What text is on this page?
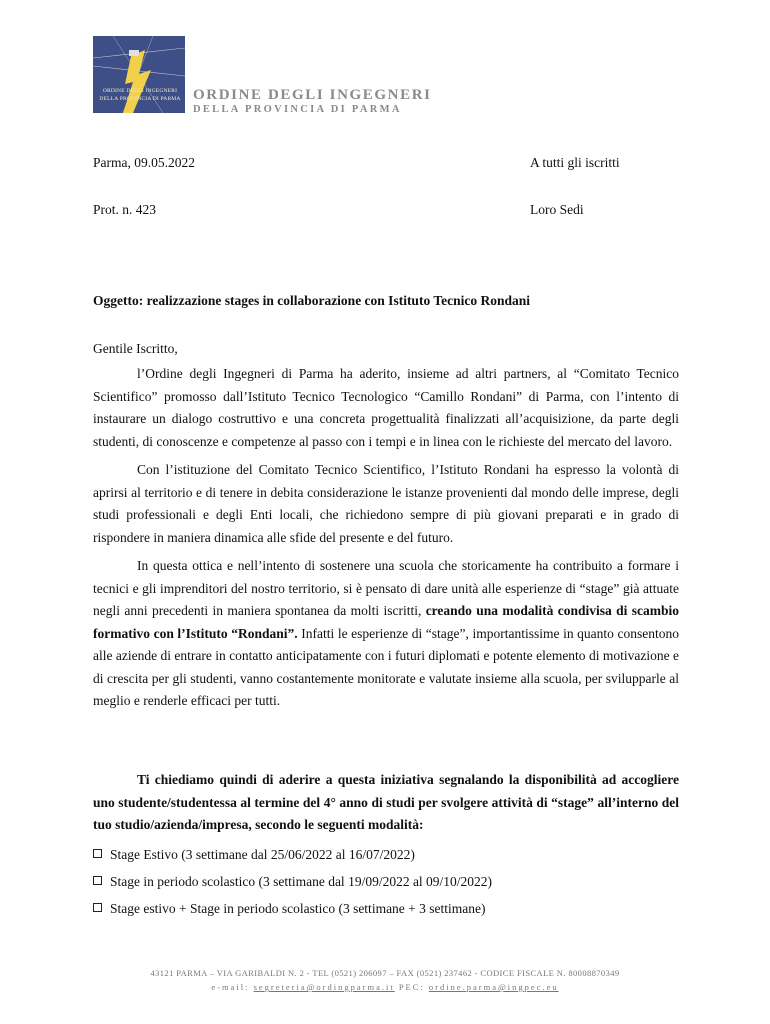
ORDINE DEGLI INGEGNERI
DELLA PROVINCIA DI PARMA ORDINE DEGLI INGEGNERI
DELLA PROVINCIA DI PARMA
Parma, 09.05.2022	A tutti gli iscritti
Prot. n. 423	Loro Sedi
Oggetto: realizzazione stages in collaborazione con Istituto Tecnico Rondani
Gentile Iscritto,

l’Ordine degli Ingegneri di Parma ha aderito, insieme ad altri partners, al “Comitato Tecnico Scientifico” promosso dall’Istituto Tecnico Tecnologico “Camillo Rondani” di Parma, con l’intento di instaurare un dialogo costruttivo e una concreta progettualità finalizzati all’acquisizione, da parte degli studenti, di conoscenze e competenze al passo con i tempi e in linea con le richieste del mercato del lavoro.

Con l’istituzione del Comitato Tecnico Scientifico, l’Istituto Rondani ha espresso la volontà di aprirsi al territorio e di tenere in debita considerazione le istanze provenienti dal mondo delle imprese, degli studi professionali e degli Enti locali, che richiedono sempre di più giovani preparati e in grado di rispondere in maniera dinamica alle sfide del presente e del futuro.

In questa ottica e nell’intento di sostenere una scuola che storicamente ha contribuito a formare i tecnici e gli imprenditori del nostro territorio, si è pensato di dare unità alle esperienze di “stage” già attuate negli anni precedenti in maniera spontanea da molti iscritti, creando una modalità condivisa di scambio formativo con l’Istituto “Rondani”. Infatti le esperienze di “stage”, importantissime in quanto consentono alle aziende di entrare in contatto anticipatamente con i futuri diplomati e potente elemento di motivazione e di crescita per gli studenti, vanno costantemente monitorate e valutate insieme alla scuola, per svilupparle al meglio e renderle efficaci per tutti.

Ti chiediamo quindi di aderire a questa iniziativa segnalando la disponibilità ad accogliere uno studente/studentessa al termine del 4° anno di studi per svolgere attività di “stage” all’interno del tuo studio/azienda/impresa, secondo le seguenti modalità:

Stage Estivo (3 settimane dal 25/06/2022 al 16/07/2022)
Stage in periodo scolastico (3 settimane dal 19/09/2022 al 09/10/2022)
Stage estivo + Stage in periodo scolastico (3 settimane + 3 settimane)
43121 PARMA – VIA GARIBALDI N. 2 - TEL (0521) 206097 – FAX (0521) 237462 - CODICE FISCALE N. 80008870349
e-mail: segreteria@ordingparma.it PEC: ordine.parma@ingpec.eu
